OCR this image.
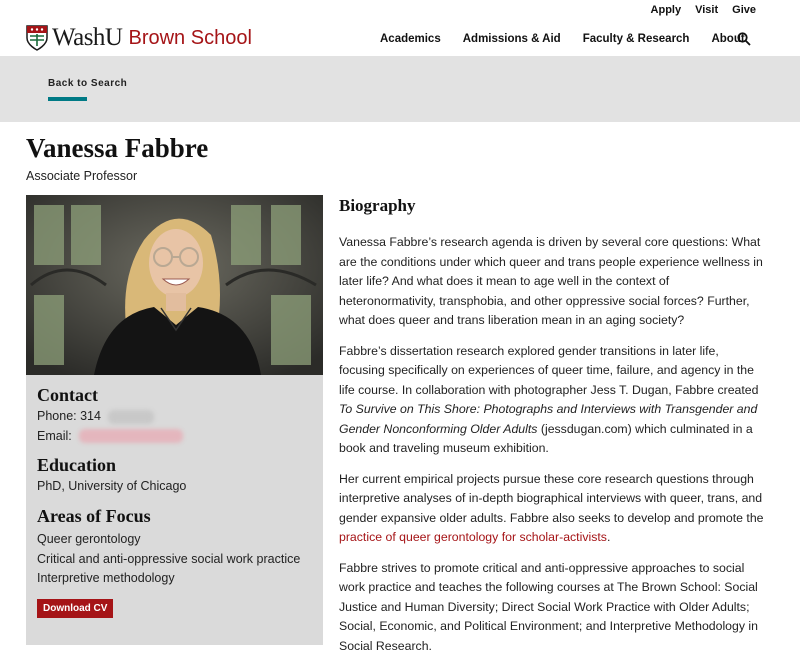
Apply Visit Give
WashU Brown School	Academics Admissions & Aid Faculty & Research About
Back to Search
Vanessa Fabbre
Associate Professor
Contact
Phone: 314
Email:
Education
PhD, University of Chicago
Areas of Focus
Queer gerontology
Critical and anti-oppressive social work practice
Interpretive methodology
Download CV
Biography

Vanessa Fabbre’s research agenda is driven by several core questions: What are the conditions under which queer and trans people experience wellness in later life? And what does it mean to age well in the context of heteronormativity, transphobia, and other oppressive social forces? Further, what does queer and trans liberation mean in an aging society?

Fabbre’s dissertation research explored gender transitions in later life, focusing specifically on experiences of queer time, failure, and agency in the life course. In collaboration with photographer Jess T. Dugan, Fabbre created To Survive on This Shore: Photographs and Interviews with Transgender and Gender Nonconforming Older Adults (jessdugan.com) which culminated in a book and traveling museum exhibition.

Her current empirical projects pursue these core research questions through interpretive analyses of in-depth biographical interviews with queer, trans, and gender expansive older adults. Fabbre also seeks to develop and promote the practice of queer gerontology for scholar-activists.

Fabbre strives to promote critical and anti-oppressive approaches to social work practice and teaches the following courses at The Brown School: Social Justice and Human Diversity; Direct Social Work Practice with Older Adults; Social, Economic, and Political Environment; and Interpretive Methodology in Social Research.
